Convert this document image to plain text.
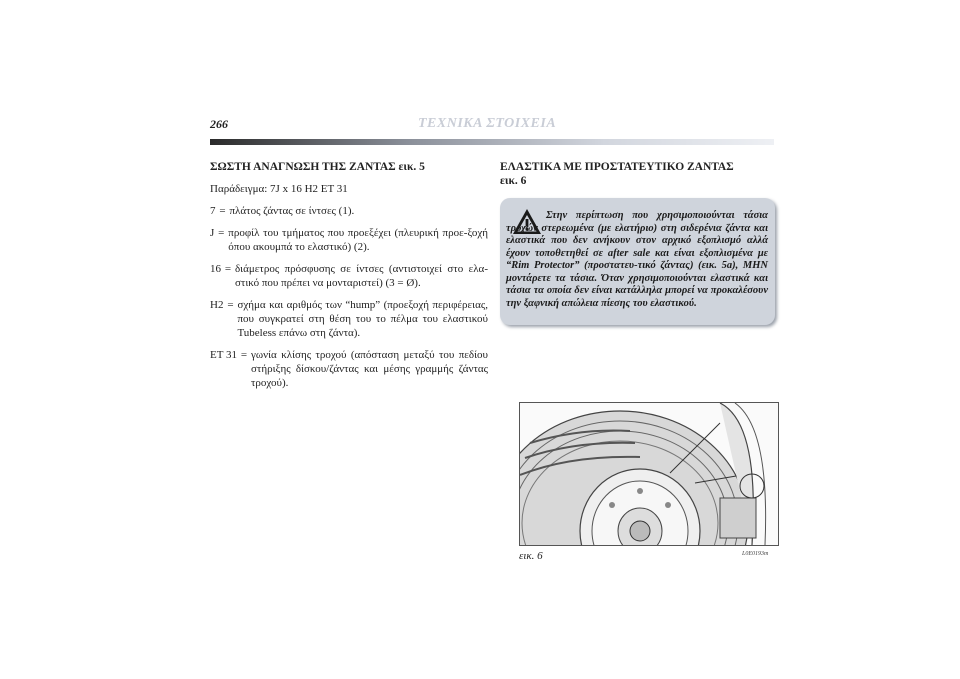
266	ΤΕΧΝΙΚΑ ΣΤΟΙΧΕΙΑ
ΣΩΣΤΗ ΑΝΑΓΝΩΣΗ ΤΗΣ ΖΑΝΤΑΣ εικ. 5
Παράδειγμα: 7J x 16 H2 ET 31
7 = πλάτος ζάντας σε ίντσες (1).
J = προφίλ του τμήματος που προεξέχει (πλευρική προε-ξοχή όπου ακουμπά το ελαστικό) (2).
16 = διάμετρος πρόσφυσης σε ίντσες (αντιστοιχεί στο ελα-στικό που πρέπει να μονταριστεί) (3 = Ø).
H2 = σχήμα και αριθμός των “hump” (προεξοχή περιφέρειας, που συγκρατεί στη θέση του το πέλμα του ελαστικού Tubeless επάνω στη ζάντα).
ET 31 = γωνία κλίσης τροχού (απόσταση μεταξύ του πεδίου στήριξης δίσκου/ζάντας και μέσης γραμμής ζάντας τροχού).
ΕΛΑΣΤΙΚΑ ΜΕ ΠΡΟΣΤΑΤΕΥΤΙΚΟ ΖΑΝΤΑΣ
εικ. 6
Στην περίπτωση που χρησιμοποιούνται τάσια τροχών στερεωμένα (με ελατήριο) στη σιδερένια ζάντα και ελαστικά που δεν ανήκουν στον αρχικό εξοπλισμό αλλά έχουν τοποθετηθεί σε after sale και είναι εξοπλισμένα με “Rim Protector” (προστατευ-τικό ζάντας) (εικ. 5a), ΜΗΝ μοντάρετε τα τάσια. Όταν χρησιμοποιούνται ελαστικά και τάσια τα οποία δεν είναι κατάλληλα μπορεί να προκαλέσουν την ξαφνική απώλεια πίεσης του ελαστικού.
εικ. 6	L0E0193m
